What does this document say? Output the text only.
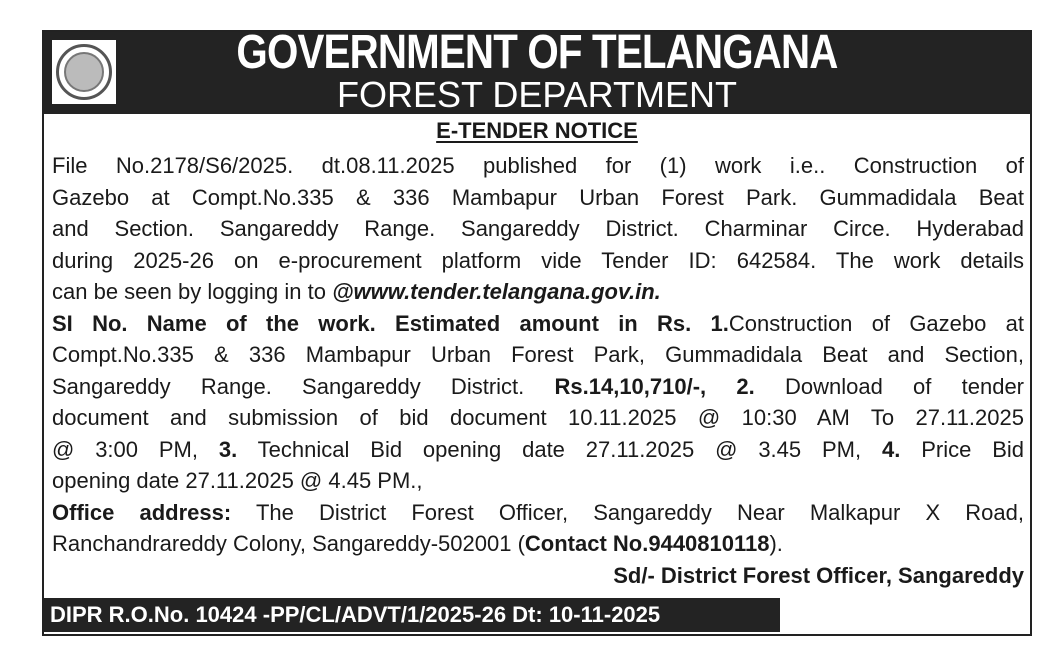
GOVERNMENT OF TELANGANA
FOREST DEPARTMENT
E-TENDER NOTICE
File No.2178/S6/2025. dt.08.11.2025 published for (1) work i.e.. Construction of
Gazebo at Compt.No.335 & 336 Mambapur Urban Forest Park. Gummadidala Beat
and Section. Sangareddy Range. Sangareddy District. Charminar Circe. Hyderabad
during 2025-26 on e-procurement platform vide Tender ID: 642584. The work details
can be seen by logging in to @www.tender.telangana.gov.in.
SI No. Name of the work. Estimated amount in Rs. 1.Construction of Gazebo at
Compt.No.335 & 336 Mambapur Urban Forest Park, Gummadidala Beat and Section,
Sangareddy Range. Sangareddy District. Rs.14,10,710/-, 2. Download of tender
document and submission of bid document 10.11.2025 @ 10:30 AM To 27.11.2025
@ 3:00 PM, 3. Technical Bid opening date 27.11.2025 @ 3.45 PM, 4. Price Bid
opening date 27.11.2025 @ 4.45 PM.,
Office address: The District Forest Officer, Sangareddy Near Malkapur X Road,
Ranchandrareddy Colony, Sangareddy-502001 (Contact No.9440810118).
Sd/- District Forest Officer, Sangareddy
DIPR R.O.No. 10424 -PP/CL/ADVT/1/2025-26 Dt: 10-11-2025
